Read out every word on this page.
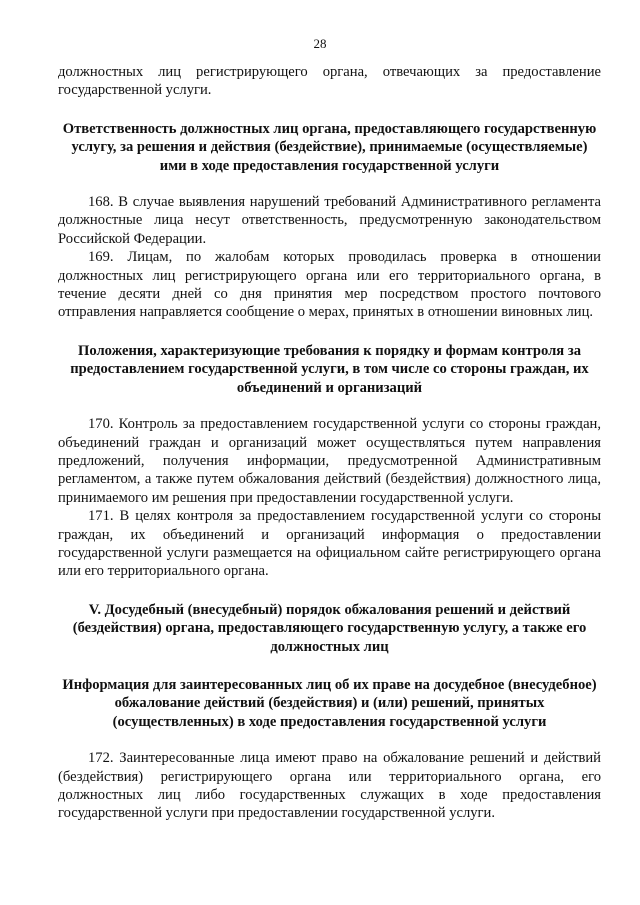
28

должностных лиц регистрирующего органа, отвечающих за предоставление государственной услуги.

Ответственность должностных лиц органа, предоставляющего государственную услугу, за решения и действия (бездействие), принимаемые (осуществляемые) ими в ходе предоставления государственной услуги

168. В случае выявления нарушений требований Административного регламента должностные лица несут ответственность, предусмотренную законодательством Российской Федерации.

169. Лицам, по жалобам которых проводилась проверка в отношении должностных лиц регистрирующего органа или его территориального органа, в течение десяти дней со дня принятия мер посредством простого почтового отправления направляется сообщение о мерах, принятых в отношении виновных лиц.

Положения, характеризующие требования к порядку и формам контроля за предоставлением государственной услуги, в том числе со стороны граждан, их объединений и организаций

170. Контроль за предоставлением государственной услуги со стороны граждан, объединений граждан и организаций может осуществляться путем направления предложений, получения информации, предусмотренной Административным регламентом, а также путем обжалования действий (бездействия) должностного лица, принимаемого им решения при предоставлении государственной услуги.

171. В целях контроля за предоставлением государственной услуги со стороны граждан, их объединений и организаций информация о предоставлении государственной услуги размещается на официальном сайте регистрирующего органа или его территориального органа.

V. Досудебный (внесудебный) порядок обжалования решений и действий (бездействия) органа, предоставляющего государственную услугу, а также его должностных лиц

Информация для заинтересованных лиц об их праве на досудебное (внесудебное) обжалование действий (бездействия) и (или) решений, принятых (осуществленных) в ходе предоставления государственной услуги

172. Заинтересованные лица имеют право на обжалование решений и действий (бездействия) регистрирующего органа или территориального органа, его должностных лиц либо государственных служащих в ходе предоставления государственной услуги при предоставлении государственной услуги.
